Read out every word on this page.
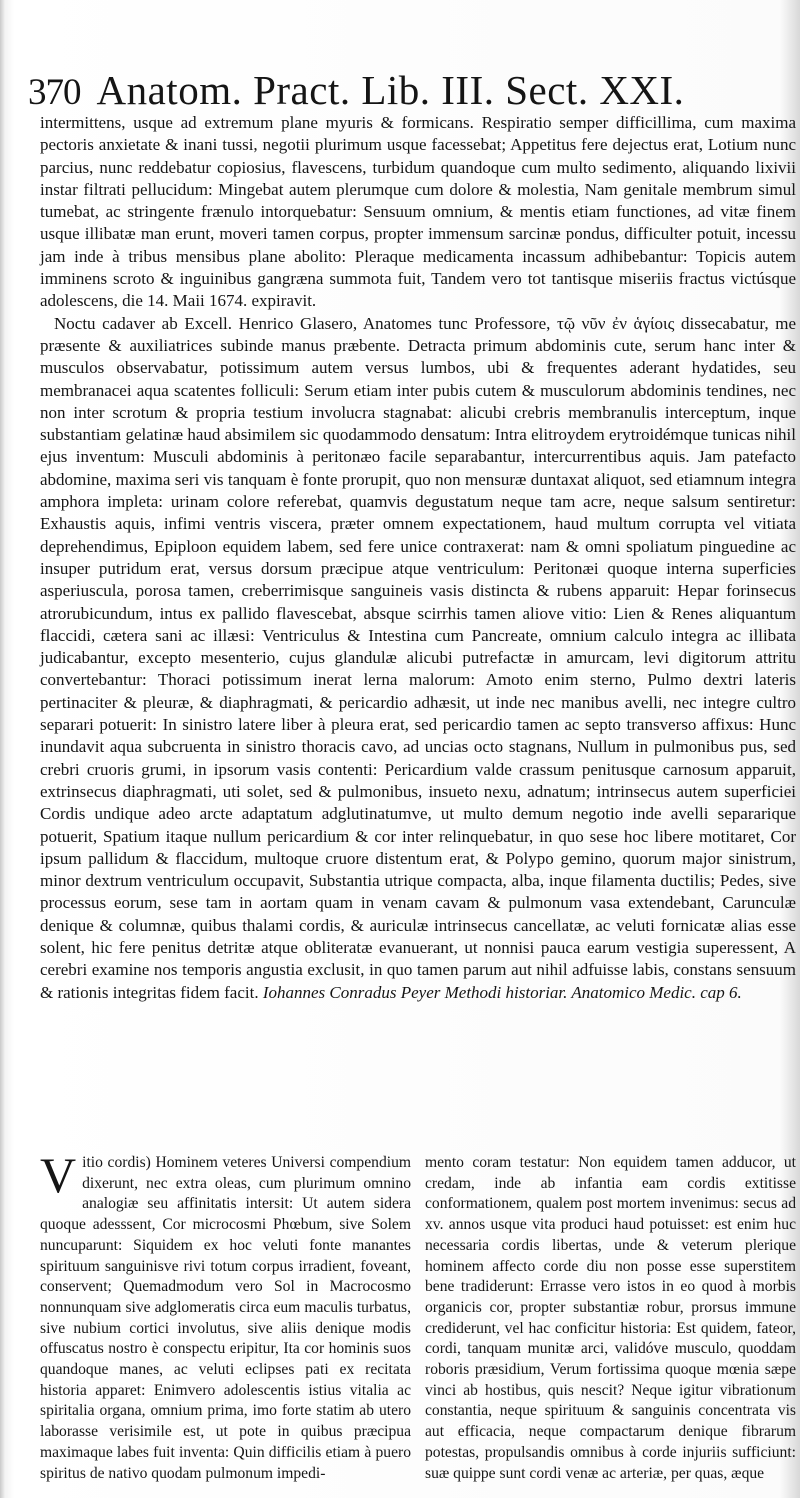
370 Anatom. Pract. Lib. III. Sect. XXI.

intermittens, usque ad extremum plane myuris & formicans. Respiratio semper difficillima, cum maxima pectoris anxietate & inani tussi, negotii plurimum usque facessebat; Appetitus fere dejectus erat, Lotium nunc parcius, nunc reddebatur copiosius, flavescens, turbidum quandoque cum multo sedimento, aliquando lixivii instar filtrati pellucidum: Mingebat autem plerumque cum dolore & molestia, Nam genitale membrum simul tumebat, ac stringente frænulo intorquebatur: Sensuum omnium, & mentis etiam functiones, ad vitæ finem usque illibatæ man erunt, moveri tamen corpus, propter immensum sarcinæ pondus, difficulter potuit, incessu jam inde à tribus mensibus plane abolito: Pleraque medicamenta incassum adhibebantur: Topicis autem imminens scroto & inguinibus gangræna summota fuit, Tandem vero tot tantisque miseriis fractus victúsque adolescens, die 14. Maii 1674. expiravit.

Noctu cadaver ab Excell. Henrico Glasero, Anatomes tunc Professore, τῷ νῦν ἐν ἁγίοις dissecabatur, me præsente & auxiliatrices subinde manus præbente. Detracta primum abdominis cute, serum hanc inter & musculos observabatur, potissimum autem versus lumbos, ubi & frequentes aderant hydatides, seu membranacei aqua scatentes folliculi: Serum etiam inter pubis cutem & musculorum abdominis tendines, nec non inter scrotum & propria testium involucra stagnabat: alicubi crebris membranulis interceptum, inque substantiam gelatinæ haud absimilem sic quodammodo densatum: Intra elitroydem erytroidémque tunicas nihil ejus inventum: Musculi abdominis à peritonæo facile separabantur, intercurrentibus aquis. Jam patefacto abdomine, maxima seri vis tanquam è fonte prorupit, quo non mensuræ duntaxat aliquot, sed etiamnum integra amphora impleta: urinam colore referebat, quamvis degustatum neque tam acre, neque salsum sentiretur: Exhaustis aquis, infimi ventris viscera, præter omnem expectationem, haud multum corrupta vel vitiata deprehendimus, Epiploon equidem labem, sed fere unice contraxerat: nam & omni spoliatum pinguedine ac insuper putridum erat, versus dorsum præcipue atque ventriculum: Peritonæi quoque interna superficies asperiuscula, porosa tamen, creberrimisque sanguineis vasis distincta & rubens apparuit: Hepar forinsecus atrorubicundum, intus ex pallido flavescebat, absque scirrhis tamen aliove vitio: Lien & Renes aliquantum flaccidi, cætera sani ac illæsi: Ventriculus & Intestina cum Pancreate, omnium calculo integra ac illibata judicabantur, excepto mesenterio, cujus glandulæ alicubi putrefactæ in amurcam, levi digitorum attritu convertebantur: Thoraci potissimum inerat lerna malorum: Amoto enim sterno, Pulmo dextri lateris pertinaciter & pleuræ, & diaphragmati, & pericardio adhæsit, ut inde nec manibus avelli, nec integre cultro separari potuerit: In sinistro latere liber à pleura erat, sed pericardio tamen ac septo transverso affixus: Hunc inundavit aqua subcruenta in sinistro thoracis cavo, ad uncias octo stagnans, Nullum in pulmonibus pus, sed crebri cruoris grumi, in ipsorum vasis contenti: Pericardium valde crassum penitusque carnosum apparuit, extrinsecus diaphragmati, uti solet, sed & pulmonibus, insueto nexu, adnatum; intrinsecus autem superficiei Cordis undique adeo arcte adaptatum adglutinatumve, ut multo demum negotio inde avelli separarique potuerit, Spatium itaque nullum pericardium & cor inter relinquebatur, in quo sese hoc libere motitaret, Cor ipsum pallidum & flaccidum, multoque cruore distentum erat, & Polypo gemino, quorum major sinistrum, minor dextrum ventriculum occupavit, Substantia utrique compacta, alba, inque filamenta ductilis; Pedes, sive processus eorum, sese tam in aortam quam in venam cavam & pulmonum vasa extendebant, Carunculæ denique & columnæ, quibus thalami cordis, & auriculæ intrinsecus cancellatæ, ac veluti fornicatæ alias esse solent, hic fere penitus detritæ atque obliteratæ evanuerant, ut nonnisi pauca earum vestigia superessent, A cerebri examine nos temporis angustia exclusit, in quo tamen parum aut nihil adfuisse labis, constans sensuum & rationis integritas fidem facit. Iohannes Conradus Peyer Methodi historiar. Anatomico Medic. cap 6.

Vitio cordis) Hominem veteres Universi compendium dixerunt, nec extra oleas, cum plurimum omnino analogiæ seu affinitatis intersit: Ut autem sidera quoque adesssent, Cor microcosmi Phœbum, sive Solem nuncuparunt: Siquidem ex hoc veluti fonte manantes spirituum sanguinisve rivi totum corpus irradient, foveant, conservent; Quemadmodum vero Sol in Macrocosmo nonnunquam sive adglomeratis circa eum maculis turbatus, sive nubium cortici involutus, sive aliis denique modis offuscatus nostro è conspectu eripitur, Ita cor hominis suos quandoque manes, ac veluti eclipses pati ex recitata historia apparet: Enimvero adolescentis istius vitalia ac spiritalia organa, omnium prima, imo forte statim ab utero laborasse verisimile est, ut pote in quibus præcipua maximaque labes fuit inventa: Quin difficilis etiam à puero spiritus de nativo quodam pulmonum impedi-
mento coram testatur: Non equidem tamen adducor, ut credam, inde ab infantia eam cordis extitisse conformationem, qualem post mortem invenimus: secus ad xv. annos usque vita produci haud potuisset: est enim huc necessaria cordis libertas, unde & veterum plerique hominem affecto corde diu non posse esse superstitem bene tradiderunt: Errasse vero istos in eo quod à morbis organicis cor, propter substantiæ robur, prorsus immune crediderunt, vel hac conficitur historia: Est quidem, fateor, cordi, tanquam munitæ arci, validóve musculo, quoddam roboris præsidium, Verum fortissima quoque mœnia sæpe vinci ab hostibus, quis nescit? Neque igitur vibrationum constantia, neque spirituum & sanguinis concentrata vis aut efficacia, neque compactarum denique fibrarum potestas, propulsandis omnibus à corde injuriis sufficiunt: suæ quippe sunt cordi venæ ac arteriæ, per quas, æque
